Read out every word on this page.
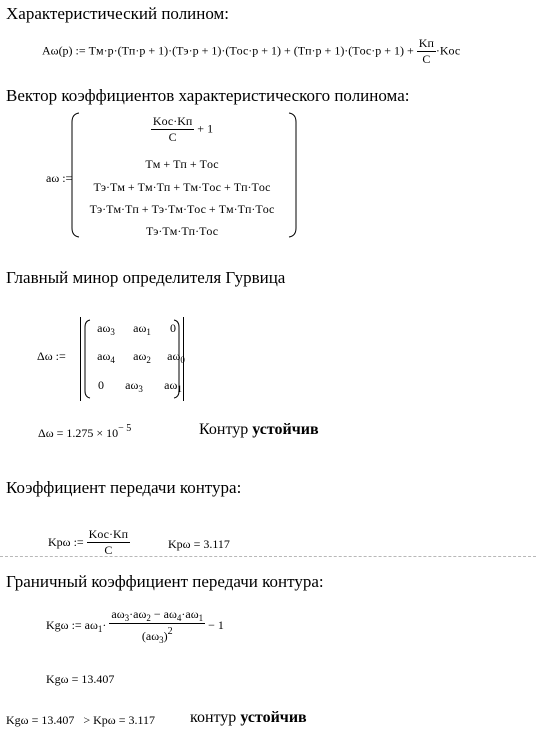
Характеристический полином:
Aω(p) := $Tм\cdot p\cdot(Tп\cdot p + 1)\cdot(Tэ\cdot p + 1)\cdot(Tос\cdot p + 1) + (Tп\cdot p + 1)\cdot(Tос\cdot p + 1) + \frac{Kп}{C} \cdot Kос$
Вектор коэффициентов характеристического полинома:
aω :=
$\frac{\text{Kос·Kп}}{C} + 1$
Tм + Tп + Tос
Tэ·Tм + Tм·Tп + Tм·Tос + Tп·Tос
Tэ·Tм·Tп + Tэ·Tм·Tос + Tм·Tп·Tос
Tэ·Tм·Tп·Tос
Главный минор определителя Гурвица
Δω :=
$a\omega_3$ $a\omega_1$ 0
$a\omega_4$ $a\omega_2$ $a\omega_0$
0 $a\omega_3$ $a\omega_1$
$\Delta\omega = 1.275 \times 10^{- 5}$	Контур устойчив
Коэффициент передачи контура:
Kpω := $\frac{\text{Kос·Kп}}{C}$	Kpω = 3.117
Граничный коэффициент передачи контура:
Kgω := $a\omega_1\cdot \frac{a\omega_3\cdot a\omega_2 - a\omega_4\cdot a\omega_1}{(a\omega_3)^2} - 1$
Kgω = 13.407
Kgω = 13.407 > Kpω = 3.117 контур устойчив
